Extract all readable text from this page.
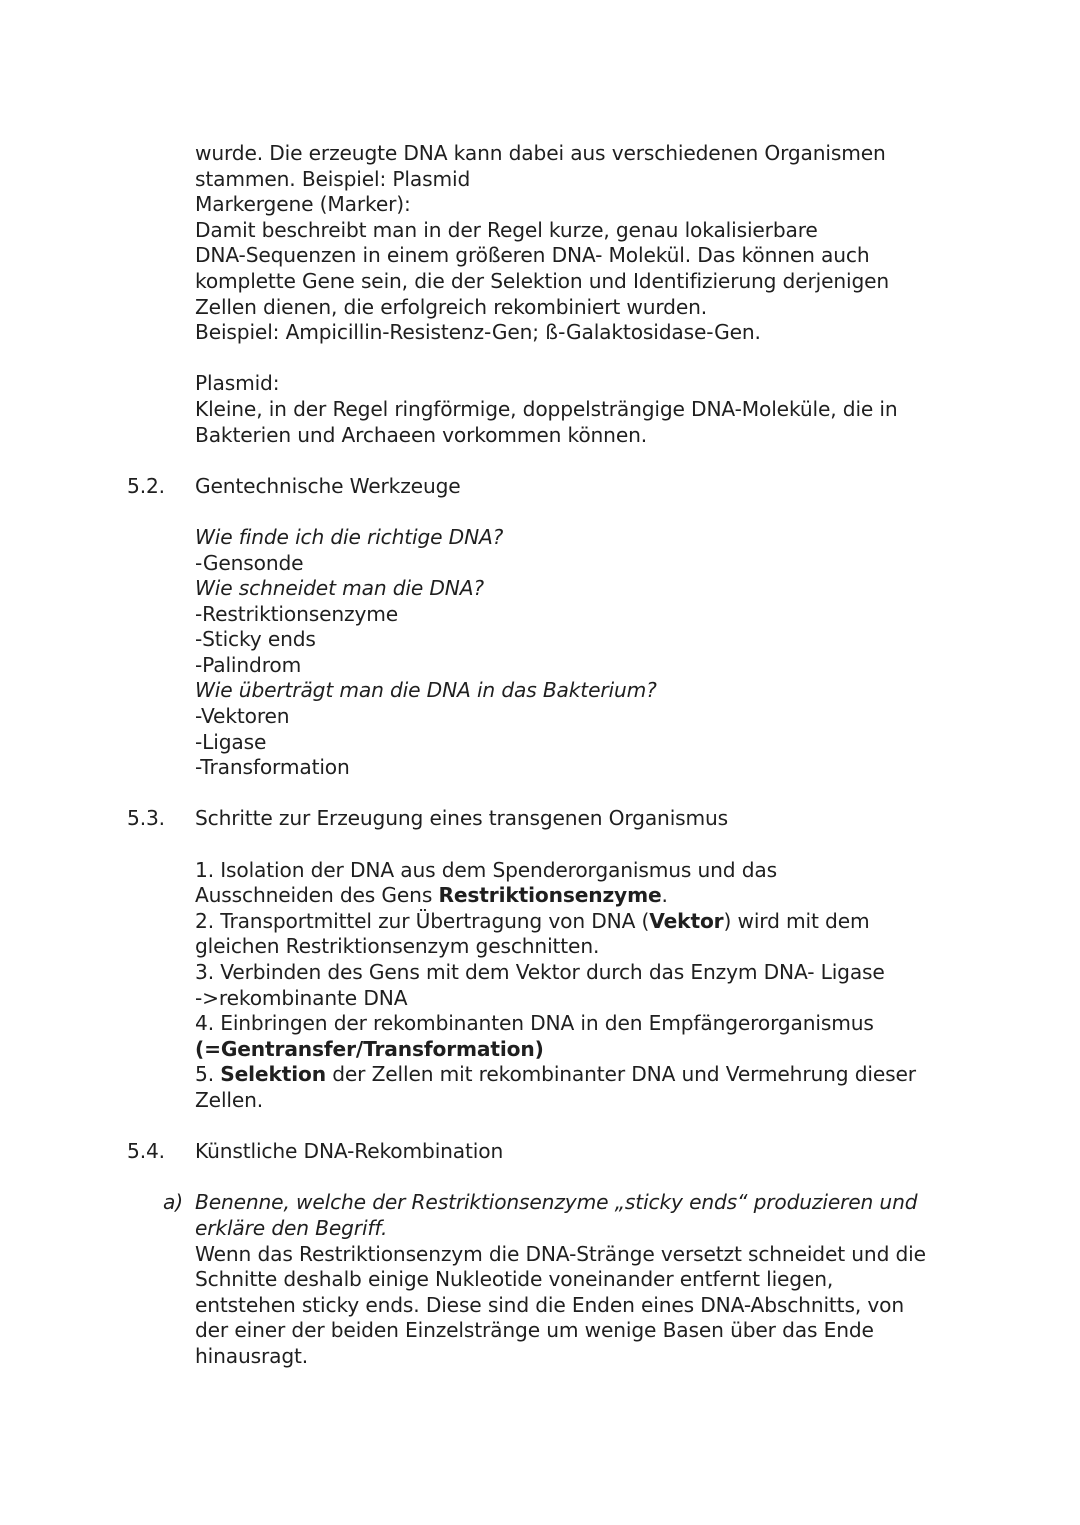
wurde. Die erzeugte DNA kann dabei aus verschiedenen Organismen
stammen. Beispiel: Plasmid
Markergene (Marker):
Damit beschreibt man in der Regel kurze, genau lokalisierbare
DNA-Sequenzen in einem größeren DNA- Molekül. Das können auch
komplette Gene sein, die der Selektion und Identifizierung derjenigen
Zellen dienen, die erfolgreich rekombiniert wurden.
Beispiel: Ampicillin-Resistenz-Gen; ß-Galaktosidase-Gen.
Plasmid:
Kleine, in der Regel ringförmige, doppelsträngige DNA-Moleküle, die in
Bakterien und Archaeen vorkommen können.
5.2. Gentechnische Werkzeuge
Wie finde ich die richtige DNA?
-Gensonde
Wie schneidet man die DNA?
-Restriktionsenzyme
-Sticky ends
-Palindrom
Wie überträgt man die DNA in das Bakterium?
-Vektoren
-Ligase
-Transformation
5.3. Schritte zur Erzeugung eines transgenen Organismus
1. Isolation der DNA aus dem Spenderorganismus und das
Ausschneiden des Gens Restriktionsenzyme.
2. Transportmittel zur Übertragung von DNA (Vektor) wird mit dem
gleichen Restriktionsenzym geschnitten.
3. Verbinden des Gens mit dem Vektor durch das Enzym DNA- Ligase
->rekombinante DNA
4. Einbringen der rekombinanten DNA in den Empfängerorganismus
(=Gentransfer/Transformation)
5. Selektion der Zellen mit rekombinanter DNA und Vermehrung dieser
Zellen.
5.4. Künstliche DNA-Rekombination
a) Benenne, welche der Restriktionsenzyme „sticky ends“ produzieren und
erkläre den Begriff.
Wenn das Restriktionsenzym die DNA-Stränge versetzt schneidet und die
Schnitte deshalb einige Nukleotide voneinander entfernt liegen,
entstehen sticky ends. Diese sind die Enden eines DNA-Abschnitts, von
der einer der beiden Einzelstränge um wenige Basen über das Ende
hinausragt.
